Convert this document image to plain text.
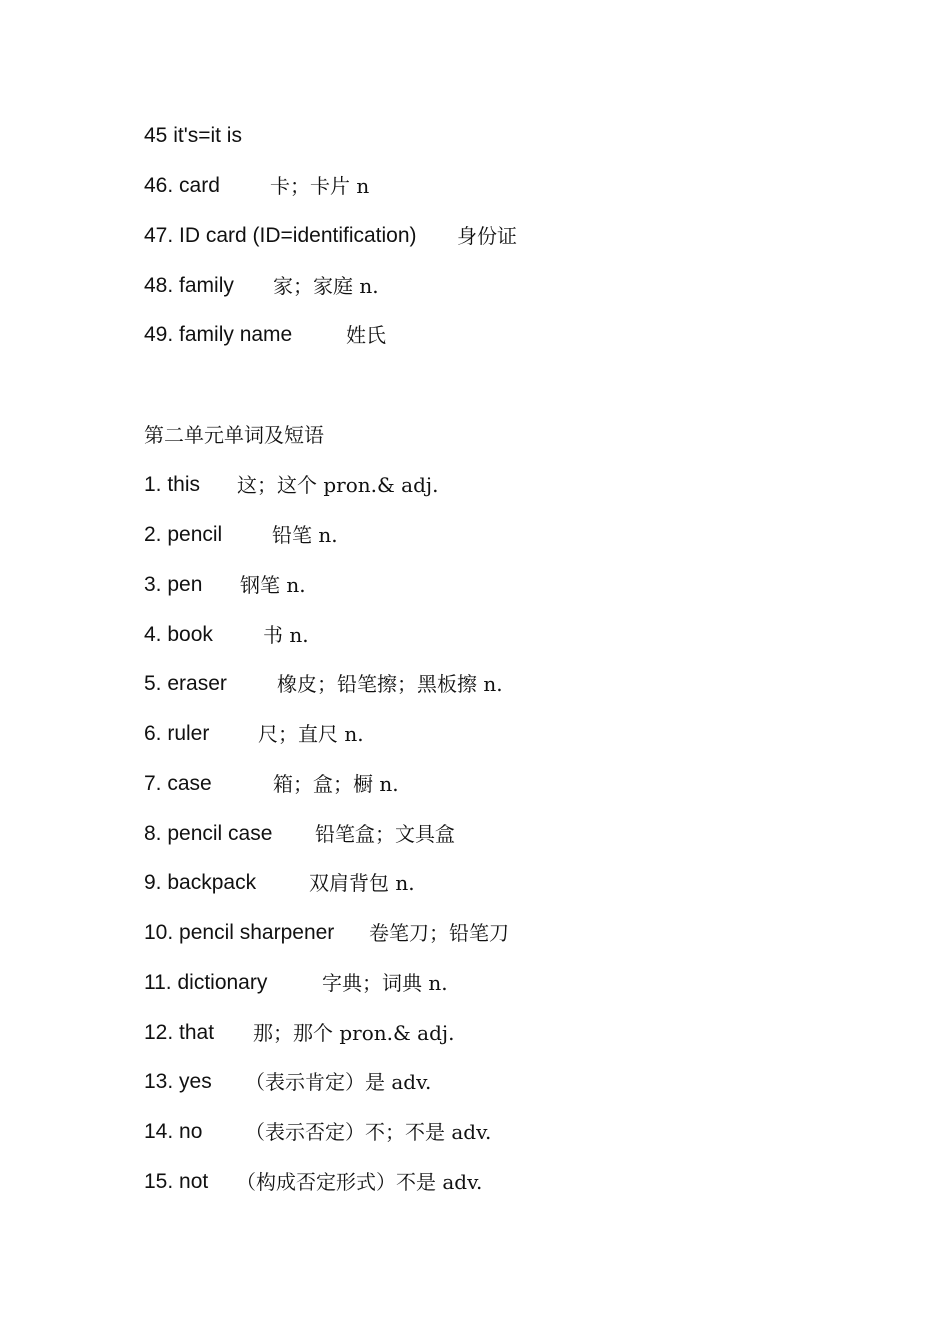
45 it's=it is
46. card	卡；卡片 n
47. ID card (ID=identification) 身份证
48. family 家；家庭 n.
49. family name	姓氏
第二单元单词及短语
1. this 这；这个 pron.& adj.
2. pencil 铅笔 n.
3. pen 钢笔 n.
4. book	书 n.
5. eraser	橡皮；铅笔擦；黑板擦 n.
6. ruler 尺；直尺 n.
7. case	箱；盒；橱 n.
8. pencil case 铅笔盒；文具盒
9. backpack	双肩背包 n.
10. pencil sharpener 卷笔刀；铅笔刀
11. dictionary	字典；词典 n.
12. that 那；那个 pron.& adj.
13. yes （表示肯定）是 adv.
14. no （表示否定）不；不是 adv.
15. not （构成否定形式）不是 adv.
